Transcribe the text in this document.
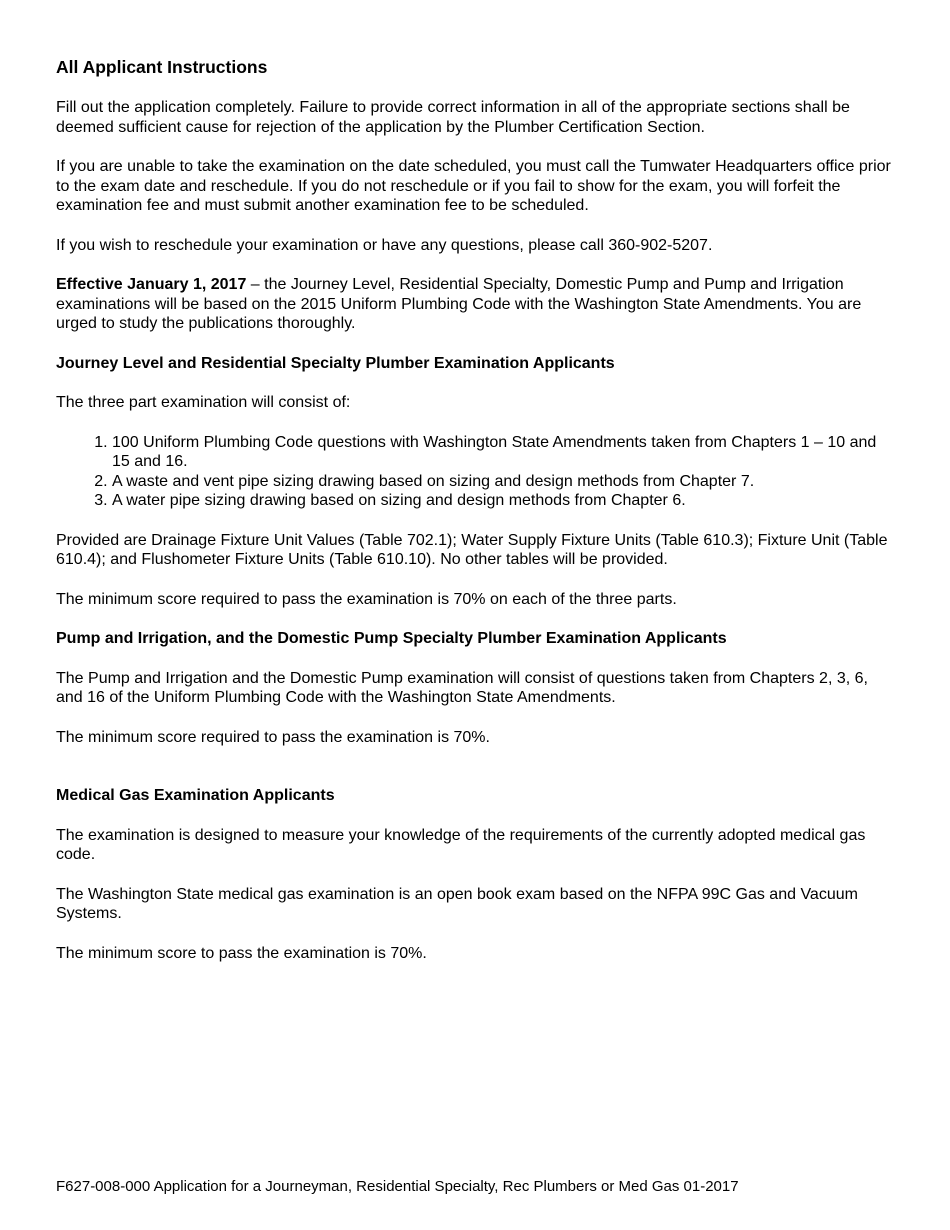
All Applicant Instructions

Fill out the application completely. Failure to provide correct information in all of the appropriate sections shall be deemed sufficient cause for rejection of the application by the Plumber Certification Section.

If you are unable to take the examination on the date scheduled, you must call the Tumwater Headquarters office prior to the exam date and reschedule. If you do not reschedule or if you fail to show for the exam, you will forfeit the examination fee and must submit another examination fee to be scheduled.

If you wish to reschedule your examination or have any questions, please call 360-902-5207.

Effective January 1, 2017 – the Journey Level, Residential Specialty, Domestic Pump and Pump and Irrigation examinations will be based on the 2015 Uniform Plumbing Code with the Washington State Amendments. You are urged to study the publications thoroughly.

Journey Level and Residential Specialty Plumber Examination Applicants

The three part examination will consist of:

1. 100 Uniform Plumbing Code questions with Washington State Amendments taken from Chapters 1 – 10 and 15 and 16.
2. A waste and vent pipe sizing drawing based on sizing and design methods from Chapter 7.
3. A water pipe sizing drawing based on sizing and design methods from Chapter 6.

Provided are Drainage Fixture Unit Values (Table 702.1); Water Supply Fixture Units (Table 610.3); Fixture Unit (Table 610.4); and Flushometer Fixture Units (Table 610.10). No other tables will be provided.

The minimum score required to pass the examination is 70% on each of the three parts.

Pump and Irrigation, and the Domestic Pump Specialty Plumber Examination Applicants

The Pump and Irrigation and the Domestic Pump examination will consist of questions taken from Chapters 2, 3, 6, and 16 of the Uniform Plumbing Code with the Washington State Amendments.

The minimum score required to pass the examination is 70%.

Medical Gas Examination Applicants

The examination is designed to measure your knowledge of the requirements of the currently adopted medical gas code.

The Washington State medical gas examination is an open book exam based on the NFPA 99C Gas and Vacuum Systems.

The minimum score to pass the examination is 70%.

F627-008-000 Application for a Journeyman, Residential Specialty, Rec Plumbers or Med Gas 01-2017
